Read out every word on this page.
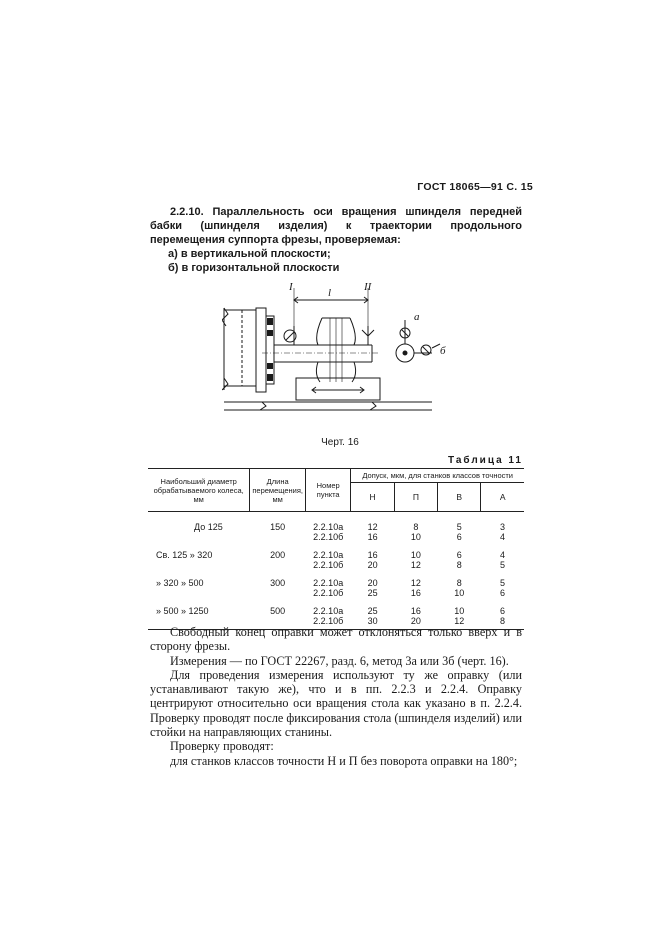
ГОСТ 18065—91 С. 15

2.2.10. Параллельность оси вращения шпинделя передней бабки (шпинделя изделия) к траектории продольного перемещения суппорта фрезы, проверяемая:

а) в вертикальной плоскости;
б) в горизонтальной плоскости
I	II
l
а
б
Черт. 16
Таблица 11
Наибольший диаметр обрабатываемого колеса, мм	Длина перемещения, мм	Номер пункта	Допуск, мкм, для станков классов точности			
			Н	П	В	А
До 125	150	2.2.10а	12	8	5	3
		2.2.10б	16	10	6	4
Св. 125 » 320	200	2.2.10а	16	10	6	4
		2.2.10б	20	12	8	5
» 320 » 500	300	2.2.10а	20	12	8	5
		2.2.10б	25	16	10	6
» 500 » 1250	500	2.2.10а	25	16	10	6
		2.2.10б	30	20	12	8

Свободный конец оправки может отклоняться только вверх и в сторону фрезы.

Измерения — по ГОСТ 22267, разд. 6, метод 3а или 3б (черт. 16).

Для проведения измерения используют ту же оправку (или устанавливают такую же), что и в пп. 2.2.3 и 2.2.4. Оправку центрируют относительно оси вращения стола как указано в п. 2.2.4. Проверку проводят после фиксирования стола (шпинделя изделий) или стойки на направляющих станины.

Проверку проводят:

для станков классов точности Н и П без поворота оправки на 180°;
